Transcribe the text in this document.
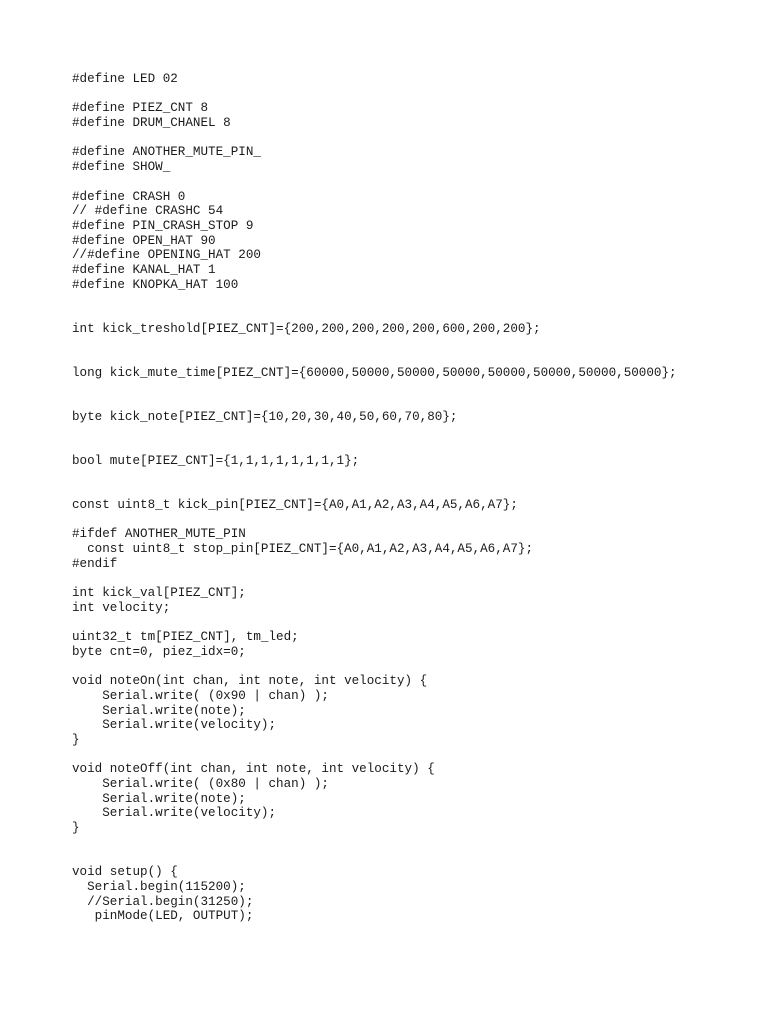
#define LED 02
#define PIEZ_CNT 8
#define DRUM_CHANEL 8
#define ANOTHER_MUTE_PIN_
#define SHOW_
#define CRASH 0
// #define CRASHC 54
#define PIN_CRASH_STOP 9
#define OPEN_HAT 90
//#define OPENING_HAT 200
#define KANAL_HAT 1
#define KNOPKA_HAT 100
int kick_treshold[PIEZ_CNT]={200,200,200,200,200,600,200,200};
long kick_mute_time[PIEZ_CNT]={60000,50000,50000,50000,50000,50000,50000,50000};
byte kick_note[PIEZ_CNT]={10,20,30,40,50,60,70,80};
bool mute[PIEZ_CNT]={1,1,1,1,1,1,1,1};
const uint8_t kick_pin[PIEZ_CNT]={A0,A1,A2,A3,A4,A5,A6,A7};
#ifdef ANOTHER_MUTE_PIN
const uint8_t stop_pin[PIEZ_CNT]={A0,A1,A2,A3,A4,A5,A6,A7};
#endif
int kick_val[PIEZ_CNT];
int velocity;
uint32_t tm[PIEZ_CNT], tm_led;
byte cnt=0, piez_idx=0;
void noteOn(int chan, int note, int velocity) {
Serial.write( (0x90 | chan) );
Serial.write(note);
Serial.write(velocity);
}
void noteOff(int chan, int note, int velocity) {
Serial.write( (0x80 | chan) );
Serial.write(note);
Serial.write(velocity);
}
void setup() {
Serial.begin(115200);
//Serial.begin(31250);
pinMode(LED, OUTPUT);
